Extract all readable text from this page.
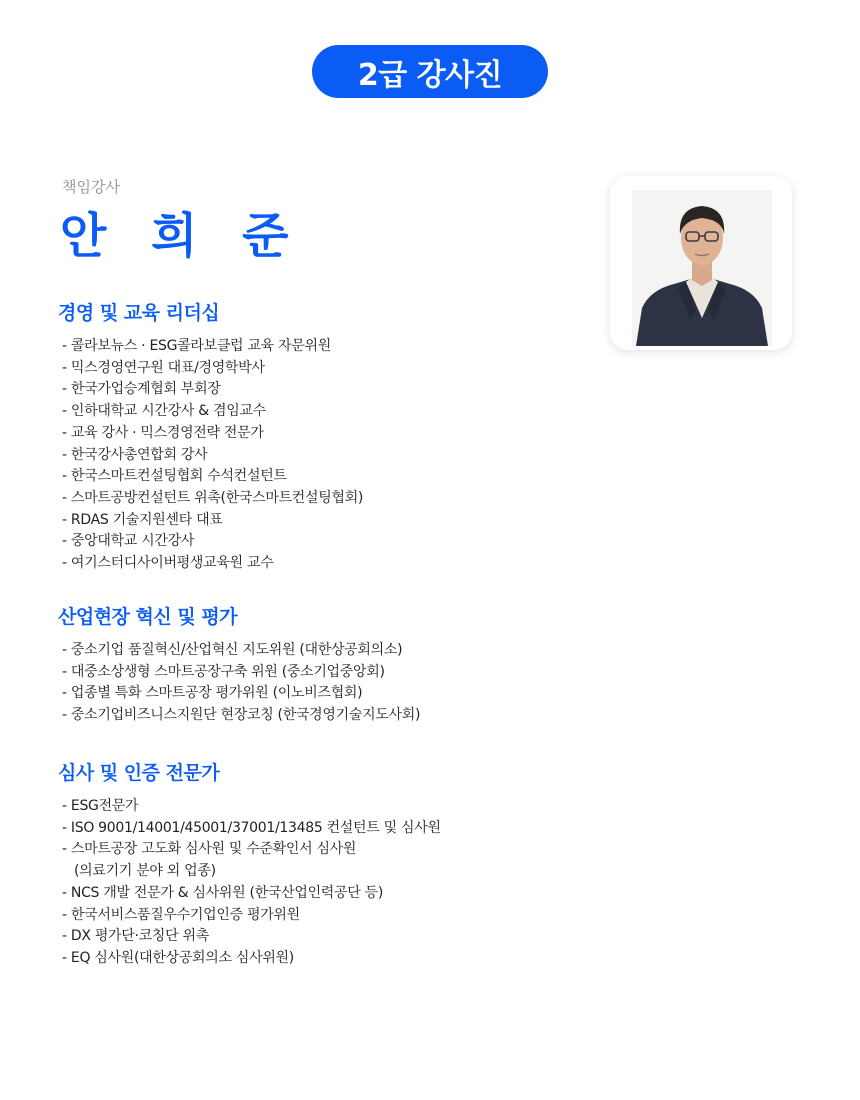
2급 강사진
책임강사
안 희 준
경영 및 교육 리더십
- 콜라보뉴스 · ESG콜라보클럽 교육 자문위원
- 믹스경영연구원 대표/경영학박사
- 한국가업승계협회 부회장
- 인하대학교 시간강사 & 겸임교수
- 교육 강사 · 믹스경영전략 전문가
- 한국강사총연합회 강사
- 한국스마트컨설팅협회 수석컨설턴트
- 스마트공방컨설턴트 위촉(한국스마트컨설팅협회)
- RDAS 기술지원센타 대표
- 중앙대학교 시간강사
- 여기스터디사이버평생교육원 교수
산업현장 혁신 및 평가
- 중소기업 품질혁신/산업혁신 지도위원 (대한상공회의소)
- 대중소상생형 스마트공장구축 위원 (중소기업중앙회)
- 업종별 특화 스마트공장 평가위원 (이노비즈협회)
- 중소기업비즈니스지원단 현장코칭 (한국경영기술지도사회)
심사 및 인증 전문가
- ESG전문가
- ISO 9001/14001/45001/37001/13485 컨설턴트 및 심사원
- 스마트공장 고도화 심사원 및 수준확인서 심사원
(의료기기 분야 외 업종)
- NCS 개발 전문가 & 심사위원 (한국산업인력공단 등)
- 한국서비스품질우수기업인증 평가위원
- DX 평가단·코칭단 위촉
- EQ 심사원(대한상공회의소 심사위원)
